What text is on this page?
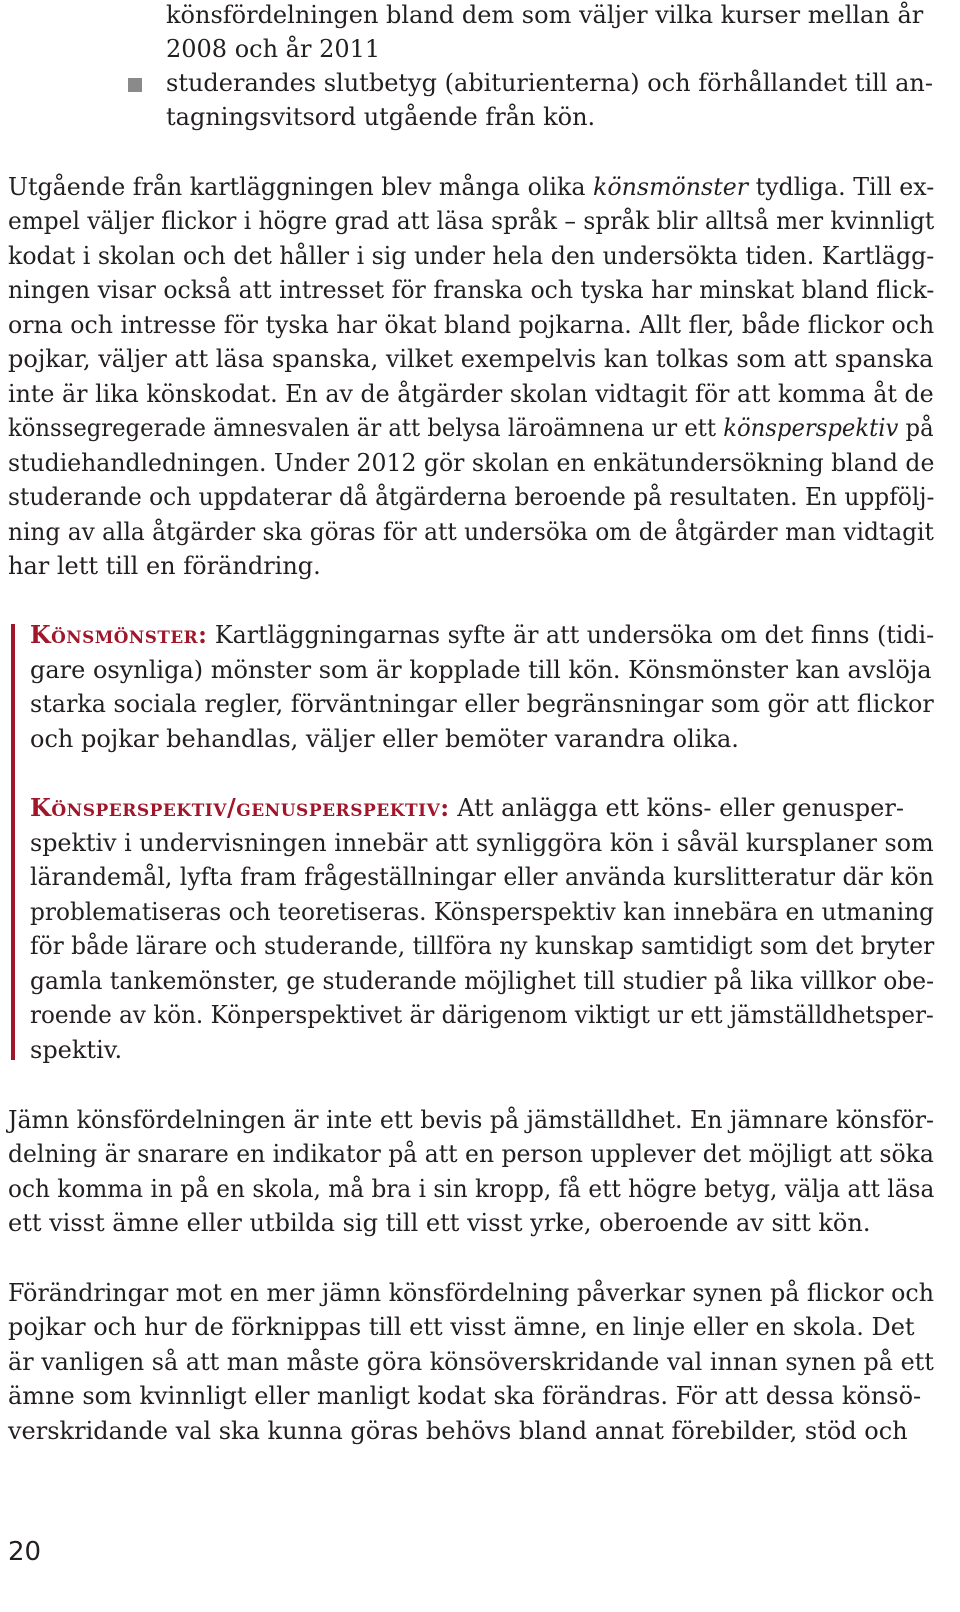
könsfördelningen bland dem som väljer vilka kurser mellan år

2008 och år 2011

studerandes slutbetyg (abiturienterna) och förhållandet till an-

tagningsvitsord utgående från kön.

Utgående från kartläggningen blev många olika könsmönster tydliga. Till ex-

empel väljer flickor i högre grad att läsa språk – språk blir alltså mer kvinnligt

kodat i skolan och det håller i sig under hela den undersökta tiden. Kartlägg-

ningen visar också att intresset för franska och tyska har minskat bland flick-

orna och intresse för tyska har ökat bland pojkarna. Allt fler, både flickor och

pojkar, väljer att läsa spanska, vilket exempelvis kan tolkas som att spanska

inte är lika könskodat. En av de åtgärder skolan vidtagit för att komma åt de

könssegregerade ämnesvalen är att belysa läroämnena ur ett könsperspektiv på

studiehandledningen. Under 2012 gör skolan en enkätundersökning bland de

studerande och uppdaterar då åtgärderna beroende på resultaten. En uppfölj-

ning av alla åtgärder ska göras för att undersöka om de åtgärder man vidtagit

har lett till en förändring.

Könsmönster: Kartläggningarnas syfte är att undersöka om det finns (tidi-

gare osynliga) mönster som är kopplade till kön. Könsmönster kan avslöja

starka sociala regler, förväntningar eller begränsningar som gör att flickor

och pojkar behandlas, väljer eller bemöter varandra olika.

Könsperspektiv/genusperspektiv: Att anlägga ett köns- eller genusper-

spektiv i undervisningen innebär att synliggöra kön i såväl kursplaner som

lärandemål, lyfta fram frågeställningar eller använda kurslitteratur där kön

problematiseras och teoretiseras. Könsperspektiv kan innebära en utmaning

för både lärare och studerande, tillföra ny kunskap samtidigt som det bryter

gamla tankemönster, ge studerande möjlighet till studier på lika villkor obe-

roende av kön. Könperspektivet är därigenom viktigt ur ett jämställdhetsper-

spektiv.

Jämn könsfördelningen är inte ett bevis på jämställdhet. En jämnare könsför-

delning är snarare en indikator på att en person upplever det möjligt att söka

och komma in på en skola, må bra i sin kropp, få ett högre betyg, välja att läsa

ett visst ämne eller utbilda sig till ett visst yrke, oberoende av sitt kön.

Förändringar mot en mer jämn könsfördelning påverkar synen på flickor och

pojkar och hur de förknippas till ett visst ämne, en linje eller en skola. Det

är vanligen så att man måste göra könsöverskridande val innan synen på ett

ämne som kvinnligt eller manligt kodat ska förändras. För att dessa könsö-

verskridande val ska kunna göras behövs bland annat förebilder, stöd och

20
